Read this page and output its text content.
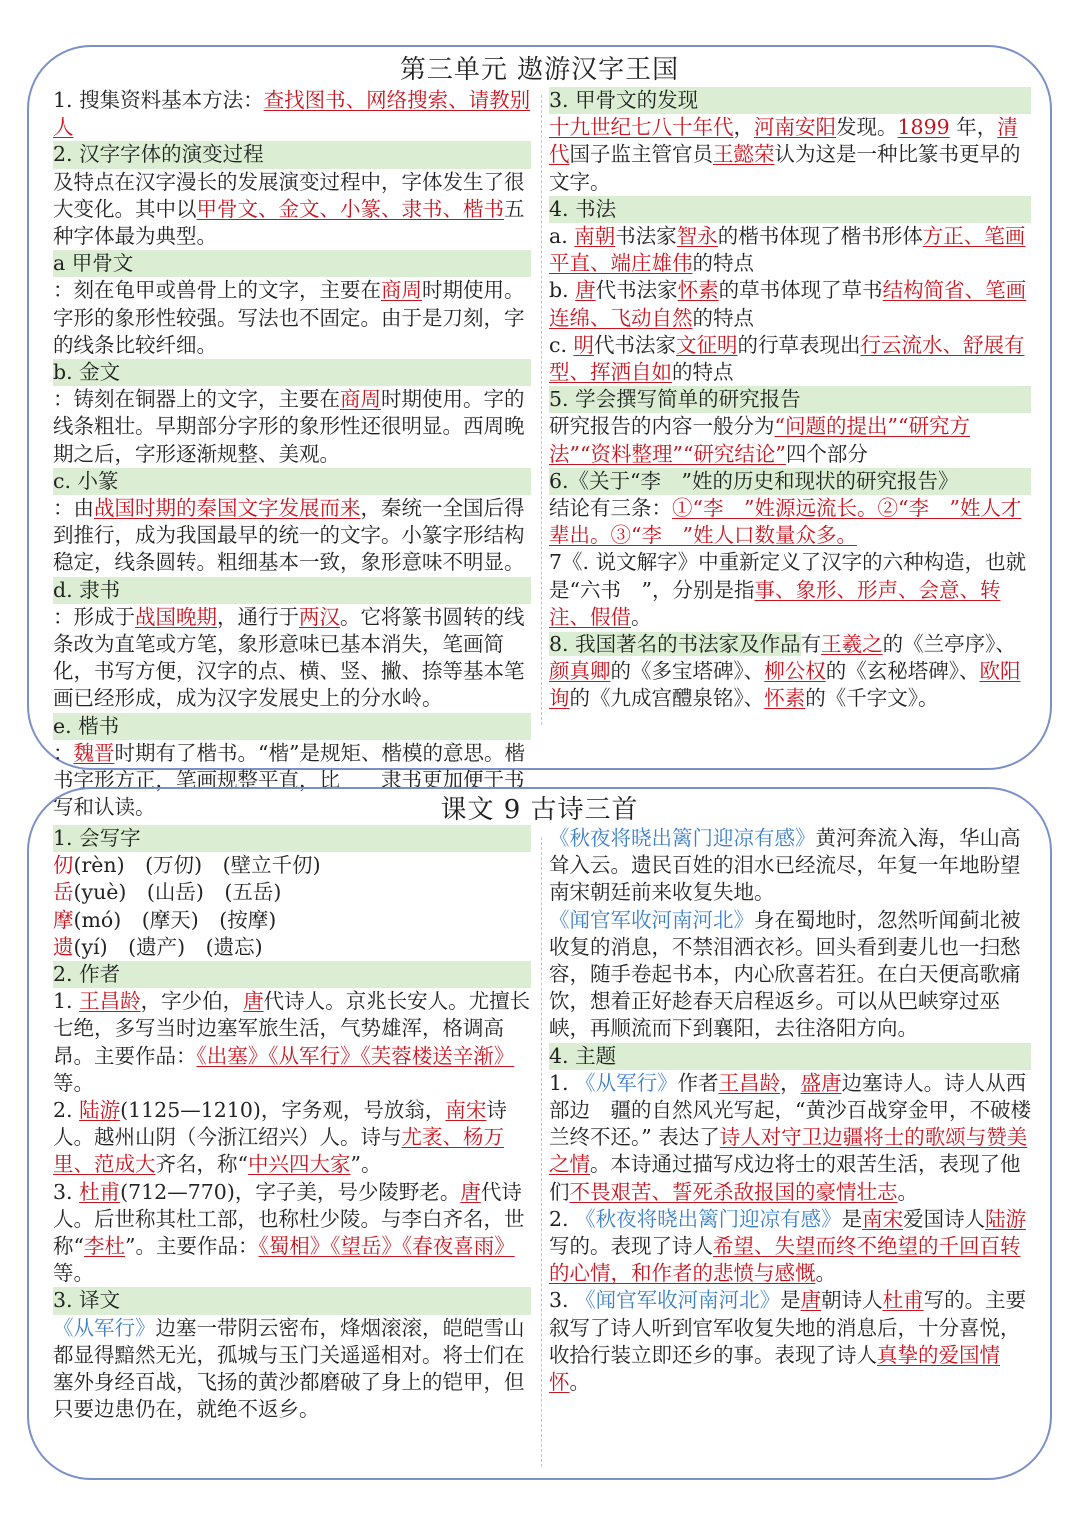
第三单元 遨游汉字王国

1. 搜集资料基本方法：查找图书、网络搜索、请教别人

2. 汉字字体的演变过程
及特点在汉字漫长的发展演变过程中，字体发生了很大变化。其中以甲骨文、金文、小篆、隶书、楷书五种字体最为典型。

a 甲骨文
：刻在龟甲或兽骨上的文字，主要在商周时期使用。字形的象形性较强。写法也不固定。由于是刀刻，字的线条比较纤细。

b. 金文
：铸刻在铜器上的文字，主要在商周时期使用。字的线条粗壮。早期部分字形的象形性还很明显。西周晚期之后，字形逐渐规整、美观。

c. 小篆
：由战国时期的秦国文字发展而来，秦统一全国后得到推行，成为我国最早的统一的文字。小篆字形结构稳定，线条圆转。粗细基本一致，象形意味不明显。

d. 隶书
：形成于战国晚期，通行于两汉。它将篆书圆转的线条改为直笔或方笔，象形意味已基本消失，笔画简化，书写方便，汉字的点、横、竖、撇、捺等基本笔画已经形成，成为汉字发展史上的分水岭。

e. 楷书
：魏晋时期有了楷书。“楷”是规矩、楷模的意思。楷书字形方正，笔画规整平直，比　　隶书更加便于书写和认读。

3. 甲骨文的发现

十九世纪七八十年代，河南安阳发现。1899 年，清代国子监主管官员王懿荣认为这是一种比篆书更早的文字。

4. 书法

a. 南朝书法家智永的楷书体现了楷书形体方正、笔画平直、端庄雄伟的特点

b. 唐代书法家怀素的草书体现了草书结构简省、笔画连绵、飞动自然的特点

c. 明代书法家文征明的行草表现出行云流水、舒展有型、挥洒自如的特点

5. 学会撰写简单的研究报告

研究报告的内容一般分为“问题的提出”“研究方法”“资料整理”“研究结论”四个部分

6.《关于“李　”姓的历史和现状的研究报告》

结论有三条：①“李　”姓源远流长。②“李　”姓人才辈出。③“李　”姓人口数量众多。

7《. 说文解字》中重新定义了汉字的六种构造，也就是“六书　”，分别是指事、象形、形声、会意、转注、假借。

8. 我国著名的书法家及作品有王羲之的《兰亭序》、颜真卿的《多宝塔碑》、柳公权的《玄秘塔碑》、欧阳询的《九成宫醴泉铭》、怀素的《千字文》。

课文 9 古诗三首

1. 会写字

仞(rèn)　(万仞)　(壁立千仞)

岳(yuè)　(山岳)　(五岳)

摩(mó)　(摩天)　(按摩)

遗(yí)　(遗产)　(遗忘)

2. 作者

1. 王昌龄，字少伯，唐代诗人。京兆长安人。尤擅长七绝，多写当时边塞军旅生活，气势雄浑，格调高昂。主要作品：《出塞》《从军行》《芙蓉楼送辛渐》等。

2. 陆游(1125—1210)，字务观，号放翁，南宋诗人。越州山阴（今浙江绍兴）人。诗与尤袤、杨万里、范成大齐名，称“中兴四大家”。

3. 杜甫(712—770)，字子美，号少陵野老。唐代诗人。后世称其杜工部，也称杜少陵。与李白齐名，世称“李杜”。主要作品：《蜀相》《望岳》《春夜喜雨》等。

3. 译文

《从军行》边塞一带阴云密布，烽烟滚滚，皑皑雪山都显得黯然无光，孤城与玉门关遥遥相对。将士们在塞外身经百战，飞扬的黄沙都磨破了身上的铠甲，但只要边患仍在，就绝不返乡。

《秋夜将晓出篱门迎凉有感》黄河奔流入海，华山高耸入云。遗民百姓的泪水已经流尽，年复一年地盼望南宋朝廷前来收复失地。

《闻官军收河南河北》身在蜀地时，忽然听闻蓟北被收复的消息，不禁泪洒衣衫。回头看到妻儿也一扫愁容，随手卷起书本，内心欣喜若狂。在白天便高歌痛饮，想着正好趁春天启程返乡。可以从巴峡穿过巫峡，再顺流而下到襄阳，去往洛阳方向。

4. 主题

1. 《从军行》作者王昌龄，盛唐边塞诗人。诗人从西部边　疆的自然风光写起，“黄沙百战穿金甲，不破楼兰终不还。” 表达了诗人对守卫边疆将士的歌颂与赞美之情。本诗通过描写戍边将士的艰苦生活，表现了他们不畏艰苦、誓死杀敌报国的豪情壮志。

2. 《秋夜将晓出篱门迎凉有感》是南宋爱国诗人陆游写的。表现了诗人希望、失望而终不绝望的千回百转的心情，和作者的悲愤与感慨。

3. 《闻官军收河南河北》是唐朝诗人杜甫写的。主要叙写了诗人听到官军收复失地的消息后，十分喜悦，收拾行装立即还乡的事。表现了诗人真挚的爱国情怀。
